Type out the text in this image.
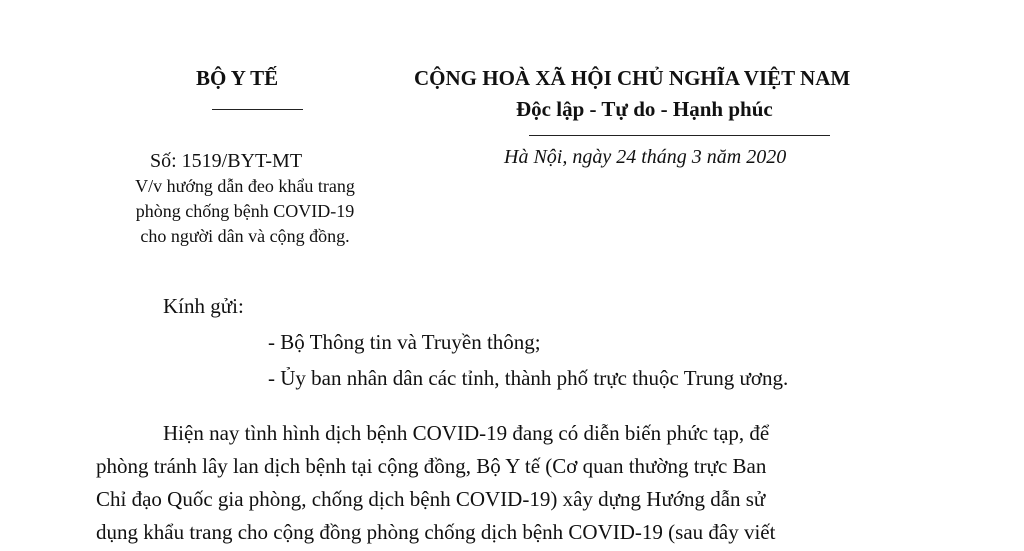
BỘ Y TẾ	CỘNG HOÀ XÃ HỘI CHỦ NGHĨA VIỆT NAM
Độc lập - Tự do - Hạnh phúc
Số: 1519/BYT-MT	Hà Nội, ngày 24 tháng 3 năm 2020
V/v hướng dẫn đeo khẩu trang
phòng chống bệnh COVID-19
cho người dân và cộng đồng.
Kính gửi:
- Bộ Thông tin và Truyền thông;
- Ủy ban nhân dân các tỉnh, thành phố trực thuộc Trung ương.
Hiện nay tình hình dịch bệnh COVID-19 đang có diễn biến phức tạp, để
phòng tránh lây lan dịch bệnh tại cộng đồng, Bộ Y tế (Cơ quan thường trực Ban
Chỉ đạo Quốc gia phòng, chống dịch bệnh COVID-19) xây dựng Hướng dẫn sử
dụng khẩu trang cho cộng đồng phòng chống dịch bệnh COVID-19 (sau đây viết
